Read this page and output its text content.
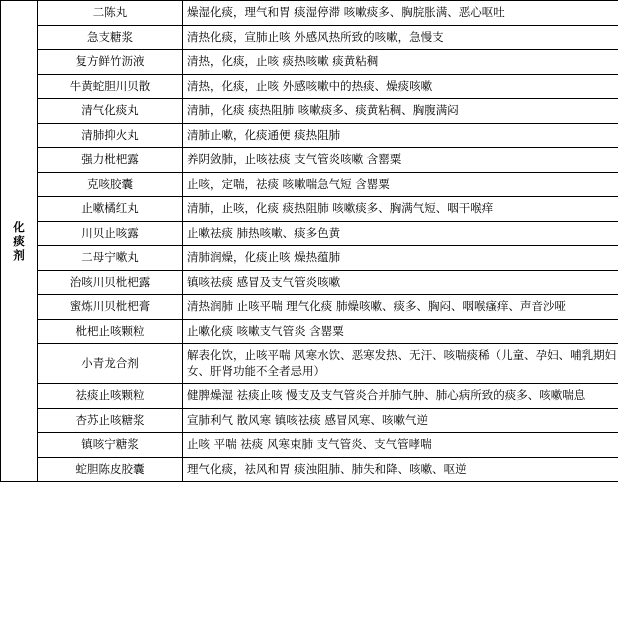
化痰剂	二陈丸	燥湿化痰，理气和胃 痰湿停滞 咳嗽痰多、胸脘胀满、恶心呕吐
	急支糖浆	清热化痰，宣肺止咳 外感风热所致的咳嗽，急慢支
	复方鲜竹沥液	清热，化痰，止咳 痰热咳嗽 痰黄粘稠
	牛黄蛇胆川贝散	清热，化痰，止咳 外感咳嗽中的热痰、燥痰咳嗽
	清气化痰丸	清肺，化痰 痰热阻肺 咳嗽痰多、痰黄粘稠、胸腹满闷
	清肺抑火丸	清肺止嗽，化痰通便 痰热阻肺
	强力枇杷露	养阴敛肺，止咳祛痰 支气管炎咳嗽 含罂粟
	克咳胶囊	止咳，定喘，祛痰 咳嗽喘急气短 含罂粟
	止嗽橘红丸	清肺，止咳，化痰 痰热阻肺 咳嗽痰多、胸满气短、咽干喉痒
	川贝止咳露	止嗽祛痰 肺热咳嗽、痰多色黄
	二母宁嗽丸	清肺润燥，化痰止咳 燥热蕴肺
	治咳川贝枇杷露	镇咳祛痰 感冒及支气管炎咳嗽
	蜜炼川贝枇杷膏	清热润肺 止咳平喘 理气化痰 肺燥咳嗽、痰多、胸闷、咽喉瘙痒、声音沙哑
	枇杷止咳颗粒	止嗽化痰 咳嗽支气管炎 含罂粟
	小青龙合剂	解表化饮，止咳平喘 风寒水饮、恶寒发热、无汗、咳喘痰稀（儿童、孕妇、哺乳期妇女、肝肾功能不全者忌用）
	祛痰止咳颗粒	健脾燥湿 祛痰止咳 慢支及支气管炎合并肺气肿、肺心病所致的痰多、咳嗽喘息
	杏苏止咳糖浆	宣肺利气 散风寒 镇咳祛痰 感冒风寒、咳嗽气逆
	镇咳宁糖浆	止咳 平喘 祛痰 风寒束肺 支气管炎、支气管哮喘
	蛇胆陈皮胶囊	理气化痰，祛风和胃 痰浊阻肺、肺失和降、咳嗽、呕逆
